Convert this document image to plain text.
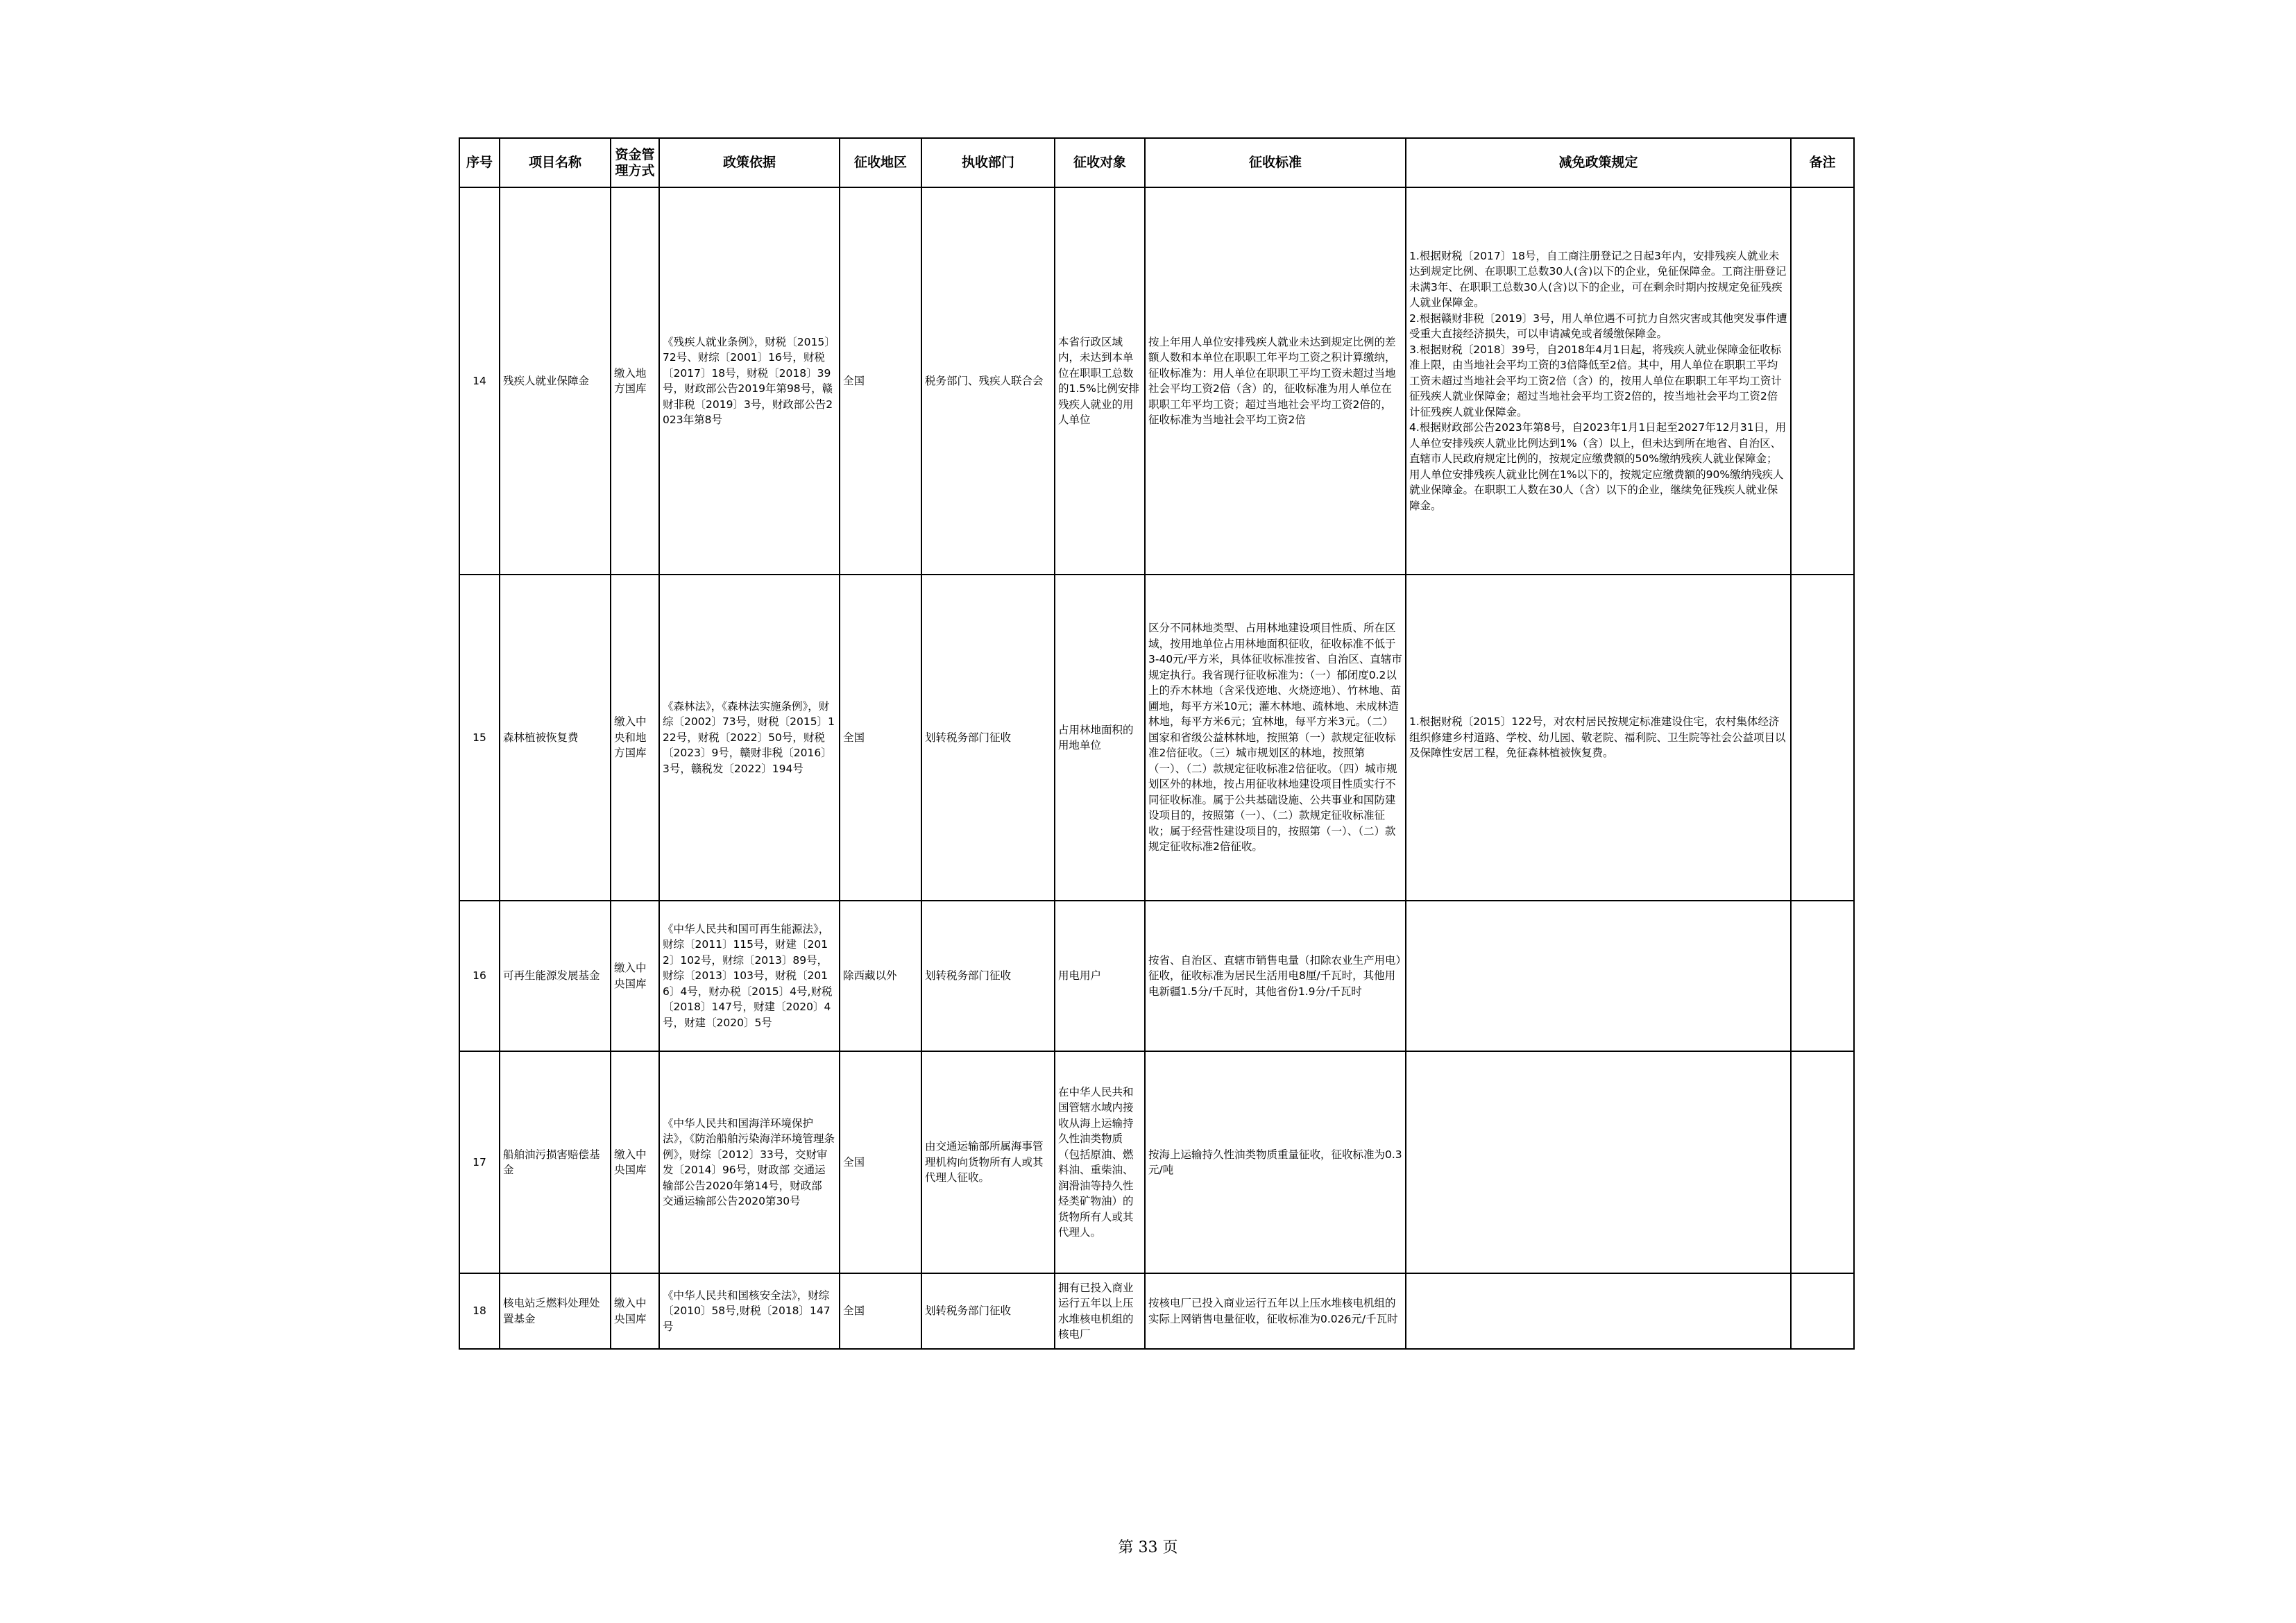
序号	项目名称	资金管理方式	政策依据	征收地区	执收部门	征收对象	征收标准	减免政策规定	备注
14	残疾人就业保障金	缴入地方国库	《残疾人就业条例》，财税〔2015〕72号、财综〔2001〕16号，财税〔2017〕18号，财税〔2018〕39号，财政部公告2019年第98号，赣财非税〔2019〕3号，财政部公告2023年第8号	全国	税务部门、残疾人联合会	本省行政区域内，未达到本单位在职职工总数的1.5%比例安排残疾人就业的用人单位	按上年用人单位安排残疾人就业未达到规定比例的差额人数和本单位在职职工年平均工资之积计算缴纳，征收标准为：用人单位在职职工平均工资未超过当地社会平均工资2倍（含）的，征收标准为用人单位在职职工年平均工资；超过当地社会平均工资2倍的，征收标准为当地社会平均工资2倍	1.根据财税〔2017〕18号，自工商注册登记之日起3年内，安排残疾人就业未达到规定比例、在职职工总数30人(含)以下的企业，免征保障金。工商注册登记未满3年、在职职工总数30人(含)以下的企业，可在剩余时期内按规定免征残疾人就业保障金。
2.根据赣财非税〔2019〕3号，用人单位遇不可抗力自然灾害或其他突发事件遭受重大直接经济损失，可以申请减免或者缓缴保障金。
3.根据财税〔2018〕39号，自2018年4月1日起，将残疾人就业保障金征收标准上限，由当地社会平均工资的3倍降低至2倍。其中，用人单位在职职工平均工资未超过当地社会平均工资2倍（含）的，按用人单位在职职工年平均工资计征残疾人就业保障金；超过当地社会平均工资2倍的，按当地社会平均工资2倍计征残疾人就业保障金。
4.根据财政部公告2023年第8号，自2023年1月1日起至2027年12月31日，用人单位安排残疾人就业比例达到1%（含）以上，但未达到所在地省、自治区、直辖市人民政府规定比例的，按规定应缴费额的50%缴纳残疾人就业保障金；用人单位安排残疾人就业比例在1%以下的，按规定应缴费额的90%缴纳残疾人就业保障金。在职职工人数在30人（含）以下的企业，继续免征残疾人就业保障金。	

15	森林植被恢复费	缴入中央和地方国库	《森林法》，《森林法实施条例》，财综〔2002〕73号，财税〔2015〕122号，财税〔2022〕50号，财税〔2023〕9号，赣财非税〔2016〕3号，赣税发〔2022〕194号	全国	划转税务部门征收	占用林地面积的用地单位	区分不同林地类型、占用林地建设项目性质、所在区域，按用地单位占用林地面积征收，征收标准不低于3-40元/平方米，具体征收标准按省、自治区、直辖市规定执行。我省现行征收标准为：（一）郁闭度0.2以上的乔木林地（含采伐迹地、火烧迹地）、竹林地、苗圃地，每平方米10元；灌木林地、疏林地、未成林造林地，每平方米6元；宜林地，每平方米3元。（二）国家和省级公益林林地，按照第（一）款规定征收标准2倍征收。（三）城市规划区的林地，按照第（一）、（二）款规定征收标准2倍征收。（四）城市规划区外的林地，按占用征收林地建设项目性质实行不同征收标准。属于公共基础设施、公共事业和国防建设项目的，按照第（一）、（二）款规定征收标准征收；属于经营性建设项目的，按照第（一）、（二）款规定征收标准2倍征收。	1.根据财税〔2015〕122号，对农村居民按规定标准建设住宅，农村集体经济组织修建乡村道路、学校、幼儿园、敬老院、福利院、卫生院等社会公益项目以及保障性安居工程，免征森林植被恢复费。	

16	可再生能源发展基金	缴入中央国库	《中华人民共和国可再生能源法》，财综〔2011〕115号，财建〔2012〕102号，财综〔2013〕89号，财综〔2013〕103号，财税〔2016〕4号，财办税〔2015〕4号,财税〔2018〕147号，财建〔2020〕4号，财建〔2020〕5号	除西藏以外	划转税务部门征收	用电用户	按省、自治区、直辖市销售电量（扣除农业生产用电）征收，征收标准为居民生活用电8厘/千瓦时，其他用电新疆1.5分/千瓦时，其他省份1.9分/千瓦时		
17	船舶油污损害赔偿基金	缴入中央国库	《中华人民共和国海洋环境保护法》，《防治船舶污染海洋环境管理条例》，财综〔2012〕33号，交财审发〔2014〕96号，财政部 交通运输部公告2020年第14号，财政部 交通运输部公告2020第30号	全国	由交通运输部所属海事管理机构向货物所有人或其代理人征收。	在中华人民共和国管辖水域内接收从海上运输持久性油类物质（包括原油、燃料油、重柴油、润滑油等持久性烃类矿物油）的货物所有人或其代理人。	按海上运输持久性油类物质重量征收，征收标准为0.3元/吨		
18	核电站乏燃料处理处置基金	缴入中央国库	《中华人民共和国核安全法》，财综〔2010〕58号,财税〔2018〕147号	全国	划转税务部门征收	拥有已投入商业运行五年以上压水堆核电机组的核电厂	按核电厂已投入商业运行五年以上压水堆核电机组的实际上网销售电量征收，征收标准为0.026元/千瓦时		
第 33 页
